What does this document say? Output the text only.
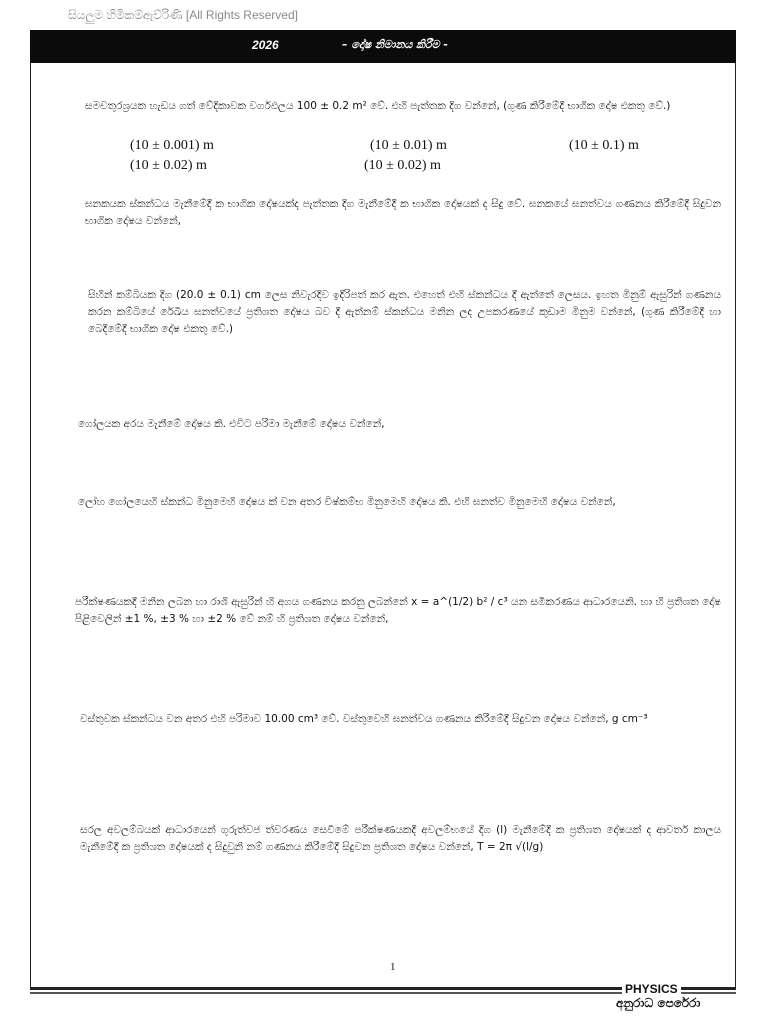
සියලුම හිමිකම්ඇව්රිණි [All Rights Reserved]
2026	– දෝෂ නිමානය කිරීම -
සමචතුරශ්‍රයක හැඩය ගත් වේදිකාවක වර්ගඵලය 100 ± 0.2 m² වේ. එහි පැත්තක දිග වන්නේ, (ගුණ කිරීමේදී භාගික දෝෂ එකතු වේ.)
(10 ± 0.001) m	(10 ± 0.01) m	(10 ± 0.1) m
(10 ± 0.02) m	(10 ± 0.02) m
ඝනකයක ස්කන්ධය මැනීමේදී ක භාගික දෝෂයක්ද පැත්තක දිග මැනීමේදී ක භාගික දෝෂයක් ද සිදු වේ. ඝනකයේ ඝනත්වය ගණනය කිරීමේදී සිදුවන භාගික දෝෂය වන්නේ,
සිහින් කම්බියක දිග (20.0 ± 0.1) cm ලෙස නිවැරදිව ඉදිරිපත් කර ඇත. එහෙත් එහි ස්කන්ධය දී ඇත්තේ ලෙසය. ඉහත මිනුම් ඇසුරින් ගණනය කරන කම්බියේ රේඛීය ඝනත්වයේ ප්‍රතිශත දෝෂය බව දී ඇත්නම් ස්කන්ධය මනින ලද උපකරණයේ කුඩාම මිනුම වන්නේ, (ගුණ කිරීමේදී හා බෙදීමේදී භාගික දෝෂ එකතු වේ.)
ගෝලයක අරය මැනීමේ දෝෂය කි. එවිට පරිමා මැනීමේ දෝෂය වන්නේ,
ලෝහ ගෝලයෙහි ස්කන්ධ මිනුමෙහි දෝෂය ක් වන අතර විෂ්කම්භ මිනුමෙහි දෝෂය කි. එහි ඝනත්ව මිනුමෙහි දෝෂය වන්නේ,
පරීක්ෂණයකදී මනින ලබන හා රාශි ඇසුරින් හි අගය ගණනය කරනු ලබන්නේ x = a^(1/2) b² / c³ යන සමීකරණය ආධාරයෙනි. හා හි ප්‍රතිශත දෝෂ පිළිවෙලින් ±1 %, ±3 % හා ±2 % වේ නම් හි ප්‍රතිශත දෝෂය වන්නේ,
වස්තුවක ස්කන්ධය වන අතර එහි පරිමාව 10.00 cm³ වේ. වස්තුවෙහි ඝනත්වය ගණනය කිරීමේදී සිදුවන දෝෂය වන්නේ, g cm⁻³
සරල අවලම්බයක් ආධාරයෙන් ගුරුත්වජ ත්වරණය සෙවීමේ පරීක්ෂණයකදී අවලම්භයේ දිග (l) මැනීමේදී ක ප්‍රතිශත දෝෂයක් ද ආවර්ත කාලය මැනීමේදී ක ප්‍රතිශත දෝෂයක් ද සිදුවුනි නම් ගණනය කිරීමේදී සිදුවන ප්‍රතිශත දෝෂය වන්නේ, T = 2π √(l/g)
1
PHYSICS
අනුරාධ පෙරේරා
